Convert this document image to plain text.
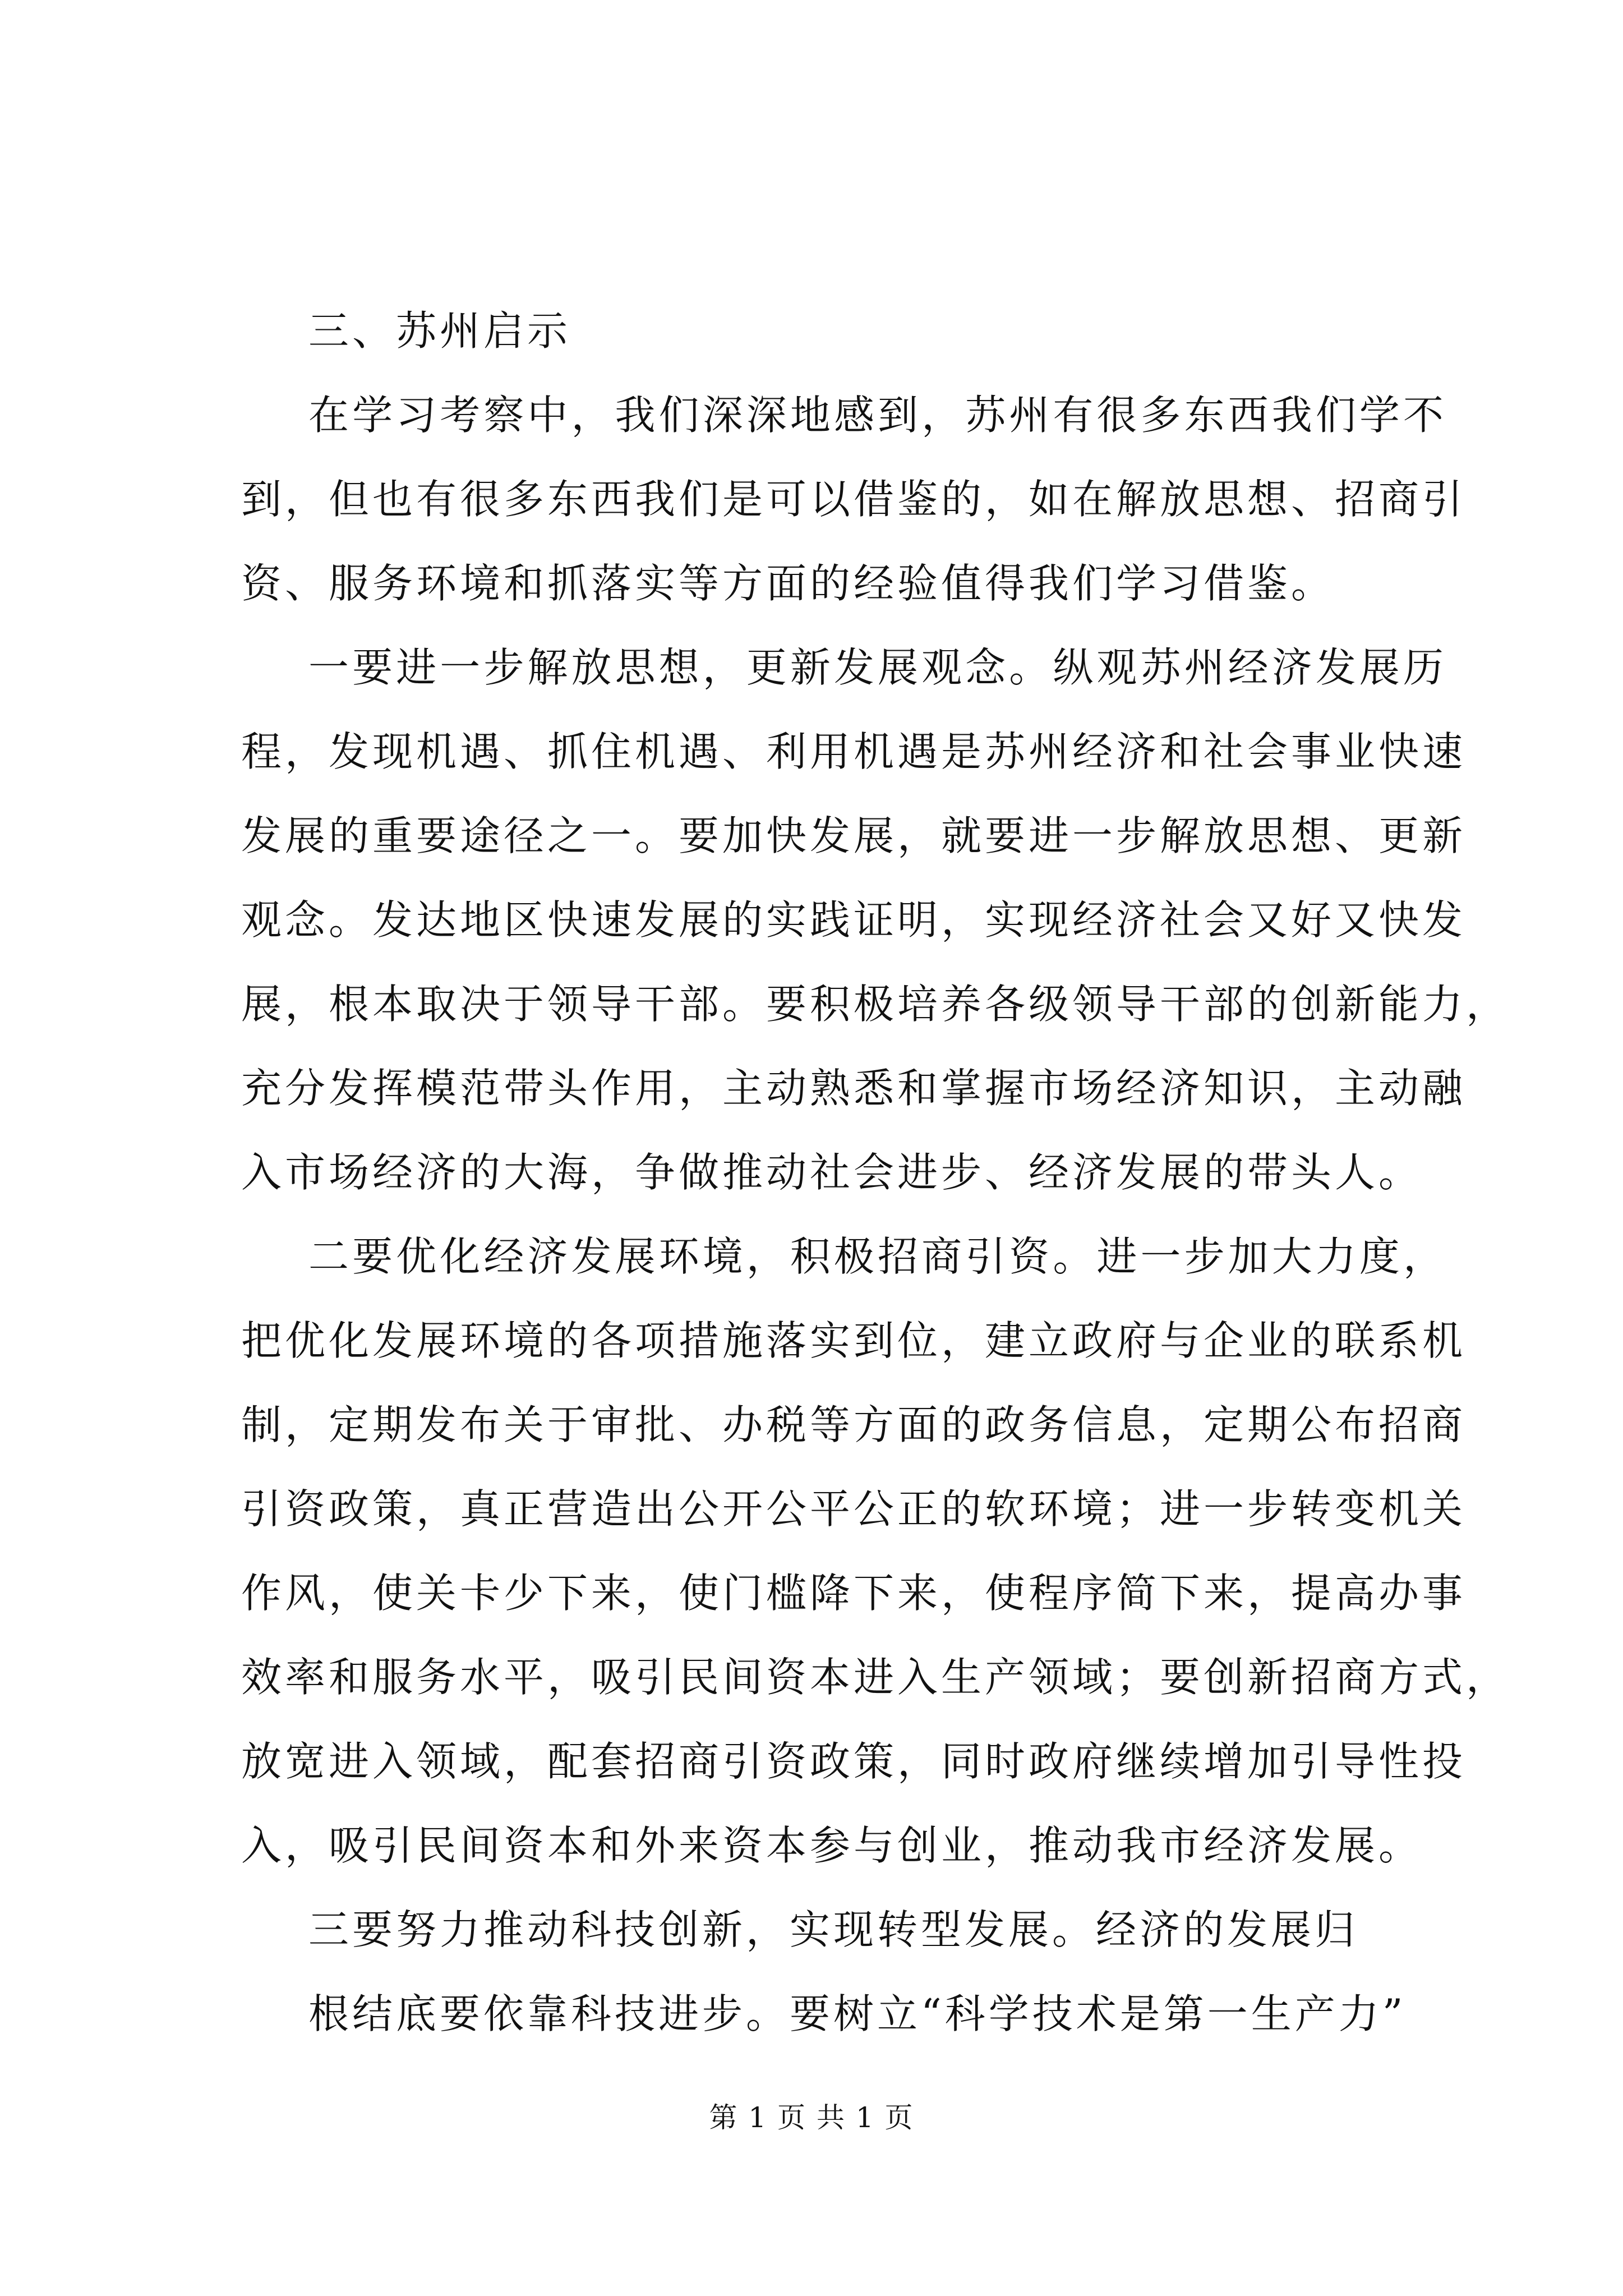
三、苏州启示
在学习考察中，我们深深地感到，苏州有很多东西我们学不
到，但也有很多东西我们是可以借鉴的，如在解放思想、招商引
资、服务环境和抓落实等方面的经验值得我们学习借鉴。
一要进一步解放思想，更新发展观念。纵观苏州经济发展历
程，发现机遇、抓住机遇、利用机遇是苏州经济和社会事业快速
发展的重要途径之一。要加快发展，就要进一步解放思想、更新
观念。发达地区快速发展的实践证明，实现经济社会又好又快发
展，根本取决于领导干部。要积极培养各级领导干部的创新能力，
充分发挥模范带头作用，主动熟悉和掌握市场经济知识，主动融
入市场经济的大海，争做推动社会进步、经济发展的带头人。
二要优化经济发展环境，积极招商引资。进一步加大力度，
把优化发展环境的各项措施落实到位，建立政府与企业的联系机
制，定期发布关于审批、办税等方面的政务信息，定期公布招商
引资政策，真正营造出公开公平公正的软环境；进一步转变机关
作风，使关卡少下来，使门槛降下来，使程序简下来，提高办事
效率和服务水平，吸引民间资本进入生产领域；要创新招商方式，
放宽进入领域，配套招商引资政策，同时政府继续增加引导性投
入，吸引民间资本和外来资本参与创业，推动我市经济发展。
三要努力推动科技创新，实现转型发展。经济的发展归
根结底要依靠科技进步。要树立“科学技术是第一生产力”
第 1 页 共 1 页
